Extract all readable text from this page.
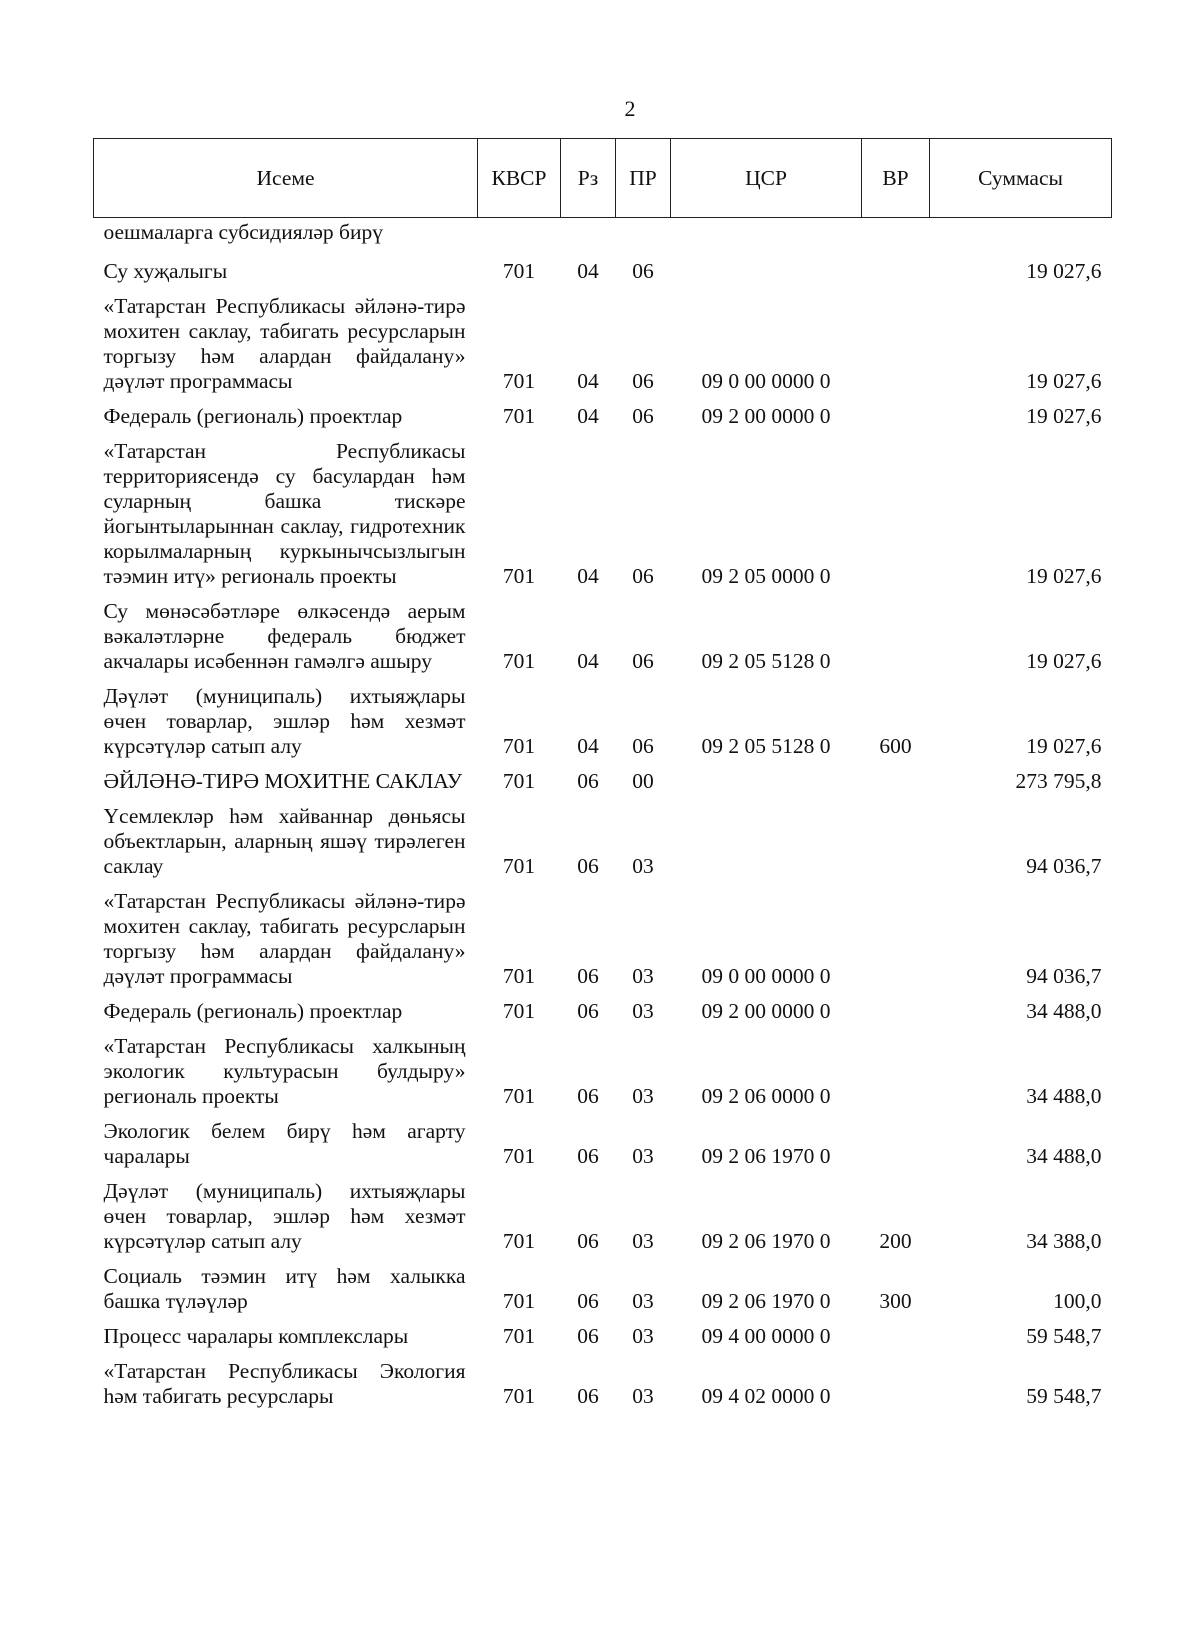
2
Исеме	КВСР	Рз	ПР	ЦСР	ВР	Суммасы
оешмаларга субсидияләр бирү						
Су хуҗалыгы	701	04	06			19 027,6
«Татарстан Республикасы әйләнә-тирә мохитен саклау, табигать ресурсларын торгызу һәм алардан файдалану» дәүләт программасы	701	04	06	09 0 00 0000 0		19 027,6
Федераль (региональ) проектлар	701	04	06	09 2 00 0000 0		19 027,6
«Татарстан Республикасы территориясендә су басулардан һәм суларның башка тискәре йогынтыларыннан саклау, гидротехник корылмаларның куркынычсызлыгын тәэмин итү» региональ проекты	701	04	06	09 2 05 0000 0		19 027,6
Су мөнәсәбәтләре өлкәсендә аерым вәкаләтләрне федераль бюджет акчалары исәбеннән гамәлгә ашыру	701	04	06	09 2 05 5128 0		19 027,6
Дәүләт (муниципаль) ихтыяҗлары өчен товарлар, эшләр һәм хезмәт күрсәтүләр сатып алу	701	04	06	09 2 05 5128 0	600	19 027,6
ӘЙЛӘНӘ-ТИРӘ МОХИТНЕ САКЛАУ	701	06	00			273 795,8
Үсемлекләр һәм хайваннар дөньясы объектларын, аларның яшәү тирәлеген саклау	701	06	03			94 036,7
«Татарстан Республикасы әйләнә-тирә мохитен саклау, табигать ресурсларын торгызу һәм алардан файдалану» дәүләт программасы	701	06	03	09 0 00 0000 0		94 036,7
Федераль (региональ) проектлар	701	06	03	09 2 00 0000 0		34 488,0
«Татарстан Республикасы халкының экологик культурасын булдыру» региональ проекты	701	06	03	09 2 06 0000 0		34 488,0
Экологик белем бирү һәм агарту чаралары	701	06	03	09 2 06 1970 0		34 488,0
Дәүләт (муниципаль) ихтыяҗлары өчен товарлар, эшләр һәм хезмәт күрсәтүләр сатып алу	701	06	03	09 2 06 1970 0	200	34 388,0
Социаль тәэмин итү һәм халыкка башка түләүләр	701	06	03	09 2 06 1970 0	300	100,0
Процесс чаралары комплекслары	701	06	03	09 4 00 0000 0		59 548,7
«Татарстан Республикасы Экология һәм табигать ресурслары	701	06	03	09 4 02 0000 0		59 548,7
